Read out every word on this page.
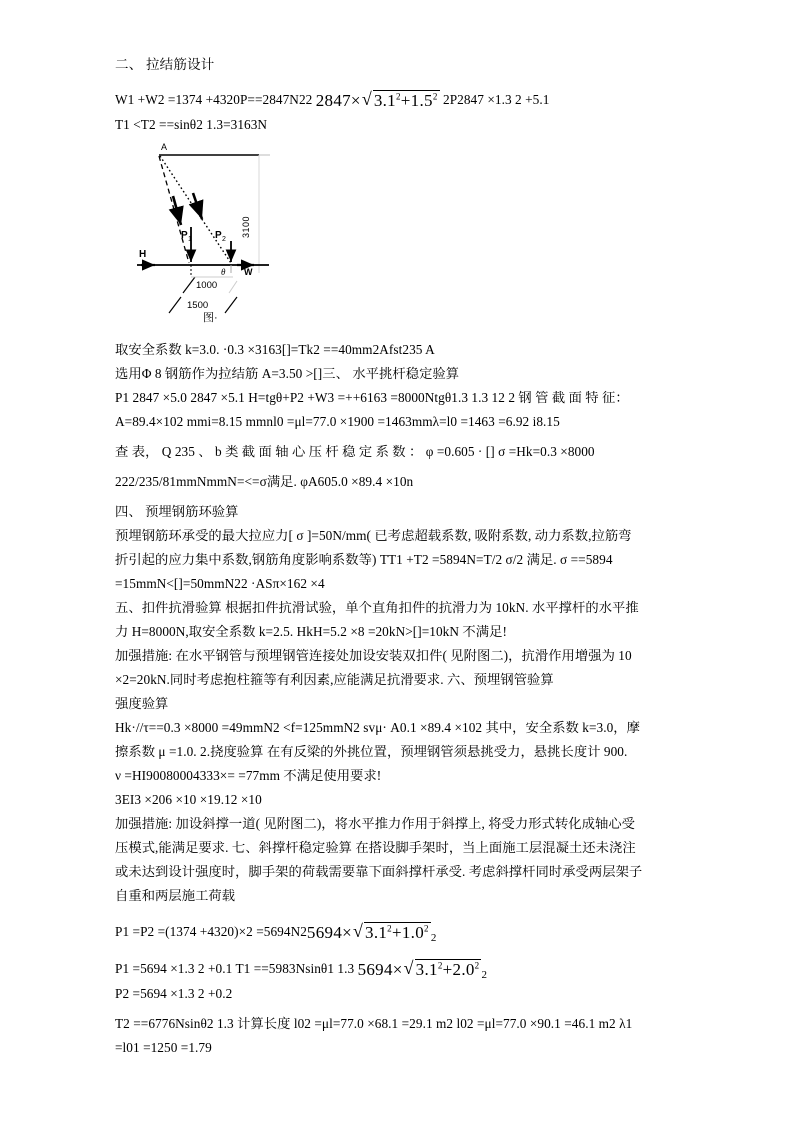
二、 拉结筋设计
W1 +W2 =1374 +4320P==2847N22 2847× √ $3.1^2+1.5^2$ 2P2847 ×1.3 2 +5.1
T1 <T2 ==sinθ2 1.3=3163N
A
P 1 P 2
H
W
θ
3100
1000
1500
图·
取安全系数 k=3.0. ·0.3 ×3163[]=Tk2 ==40mm2Afst235 A
选用Φ 8 钢筋作为拉结筋 A=3.50 >[]三、 水平挑杆稳定验算
P1 2847 ×5.0 2847 ×5.1 H=tgθ+P2 +W3 =++6163 =8000Ntgθ1.3 1.3 12 2 钢 管 截 面 特 征：
A=89.4×102 mmi=8.15 mmnl0 =μl=77.0 ×1900 =1463mmλ=l0 =1463 =6.92 i8.15
查 表， Q 235 、 b 类 截 面 轴 心 压 杆 稳 定 系 数 ： φ =0.605 · [] σ =Hk=0.3 ×8000
222/235/81mmNmmN=<=σ满足. φA605.0 ×89.4 ×10n
四、 预埋钢筋环验算
预埋钢筋环承受的最大拉应力[ σ ]=50N/mm( 已考虑超载系数, 吸附系数, 动力系数,拉筋弯
折引起的应力集中系数,钢筋角度影响系数等) TT1 +T2 =5894N=T/2 σ/2 满足. σ ==5894
=15mmN<[]=50mmN22 ·ASπ×162 ×4
五、扣件抗滑验算 根据扣件抗滑试验，单个直角扣件的抗滑力为 10kN. 水平撑杆的水平推
力 H=8000N,取安全系数 k=2.5. HkH=5.2 ×8 =20kN>[]=10kN 不满足!
加强措施: 在水平钢管与预埋钢管连接处加设安装双扣件( 见附图二)，抗滑作用增强为 10
×2=20kN.同时考虑抱柱箍等有利因素,应能满足抗滑要求. 六、预埋钢管验算
强度验算
Hk·//τ==0.3 ×8000 =49mmN2 <f=125mmN2 svμ· A0.1 ×89.4 ×102 其中，安全系数 k=3.0，摩
擦系数 μ =1.0. 2.挠度验算 在有反梁的外挑位置，预埋钢管须悬挑受力，悬挑长度计 900.
ν =HI90080004333×= =77mm 不满足使用要求!
3EI3 ×206 ×10 ×19.12 ×10
加强措施: 加设斜撑一道( 见附图二)，将水平推力作用于斜撑上, 将受力形式转化成轴心受
压模式,能满足要求. 七、斜撑杆稳定验算 在搭设脚手架时，当上面施工层混凝土还未浇注
或未达到设计强度时，脚手架的荷载需要靠下面斜撑杆承受. 考虑斜撑杆同时承受两层架子
自重和两层施工荷载
P1 =P2 =(1374 +4320)×2 =5694N25694× √ $3.1^2+1.0^2_2$
P1 =5694 ×1.3 2 +0.1 T1 ==5983Nsinθ1 1.3 5694× √ $3.1^2+2.0^2_2$
P2 =5694 ×1.3 2 +0.2
T2 ==6776Nsinθ2 1.3 计算长度 l02 =μl=77.0 ×68.1 =29.1 m2 l02 =μl=77.0 ×90.1 =46.1 m2 λ1
=l01 =1250 =1.79
